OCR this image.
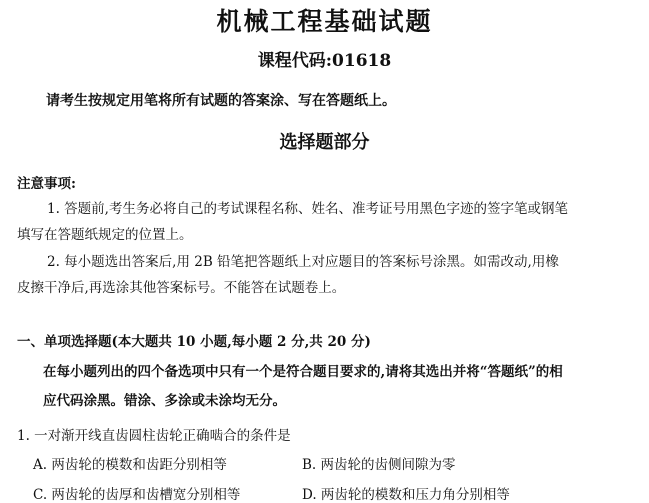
机械工程基础试题
课程代码:01618
请考生按规定用笔将所有试题的答案涂、写在答题纸上。
选择题部分
注意事项:
1. 答题前,考生务必将自己的考试课程名称、姓名、准考证号用黑色字迹的签字笔或钢笔
填写在答题纸规定的位置上。
2. 每小题选出答案后,用 2B 铅笔把答题纸上对应题目的答案标号涂黑。如需改动,用橡
皮擦干净后,再选涂其他答案标号。不能答在试题卷上。
一、单项选择题(本大题共 10 小题,每小题 2 分,共 20 分)
在每小题列出的四个备选项中只有一个是符合题目要求的,请将其选出并将“答题纸”的相
应代码涂黑。错涂、多涂或未涂均无分。
1. 一对渐开线直齿圆柱齿轮正确啮合的条件是
A. 两齿轮的模数和齿距分别相等	B. 两齿轮的齿侧间隙为零
C. 两齿轮的齿厚和齿槽宽分别相等	D. 两齿轮的模数和压力角分别相等
